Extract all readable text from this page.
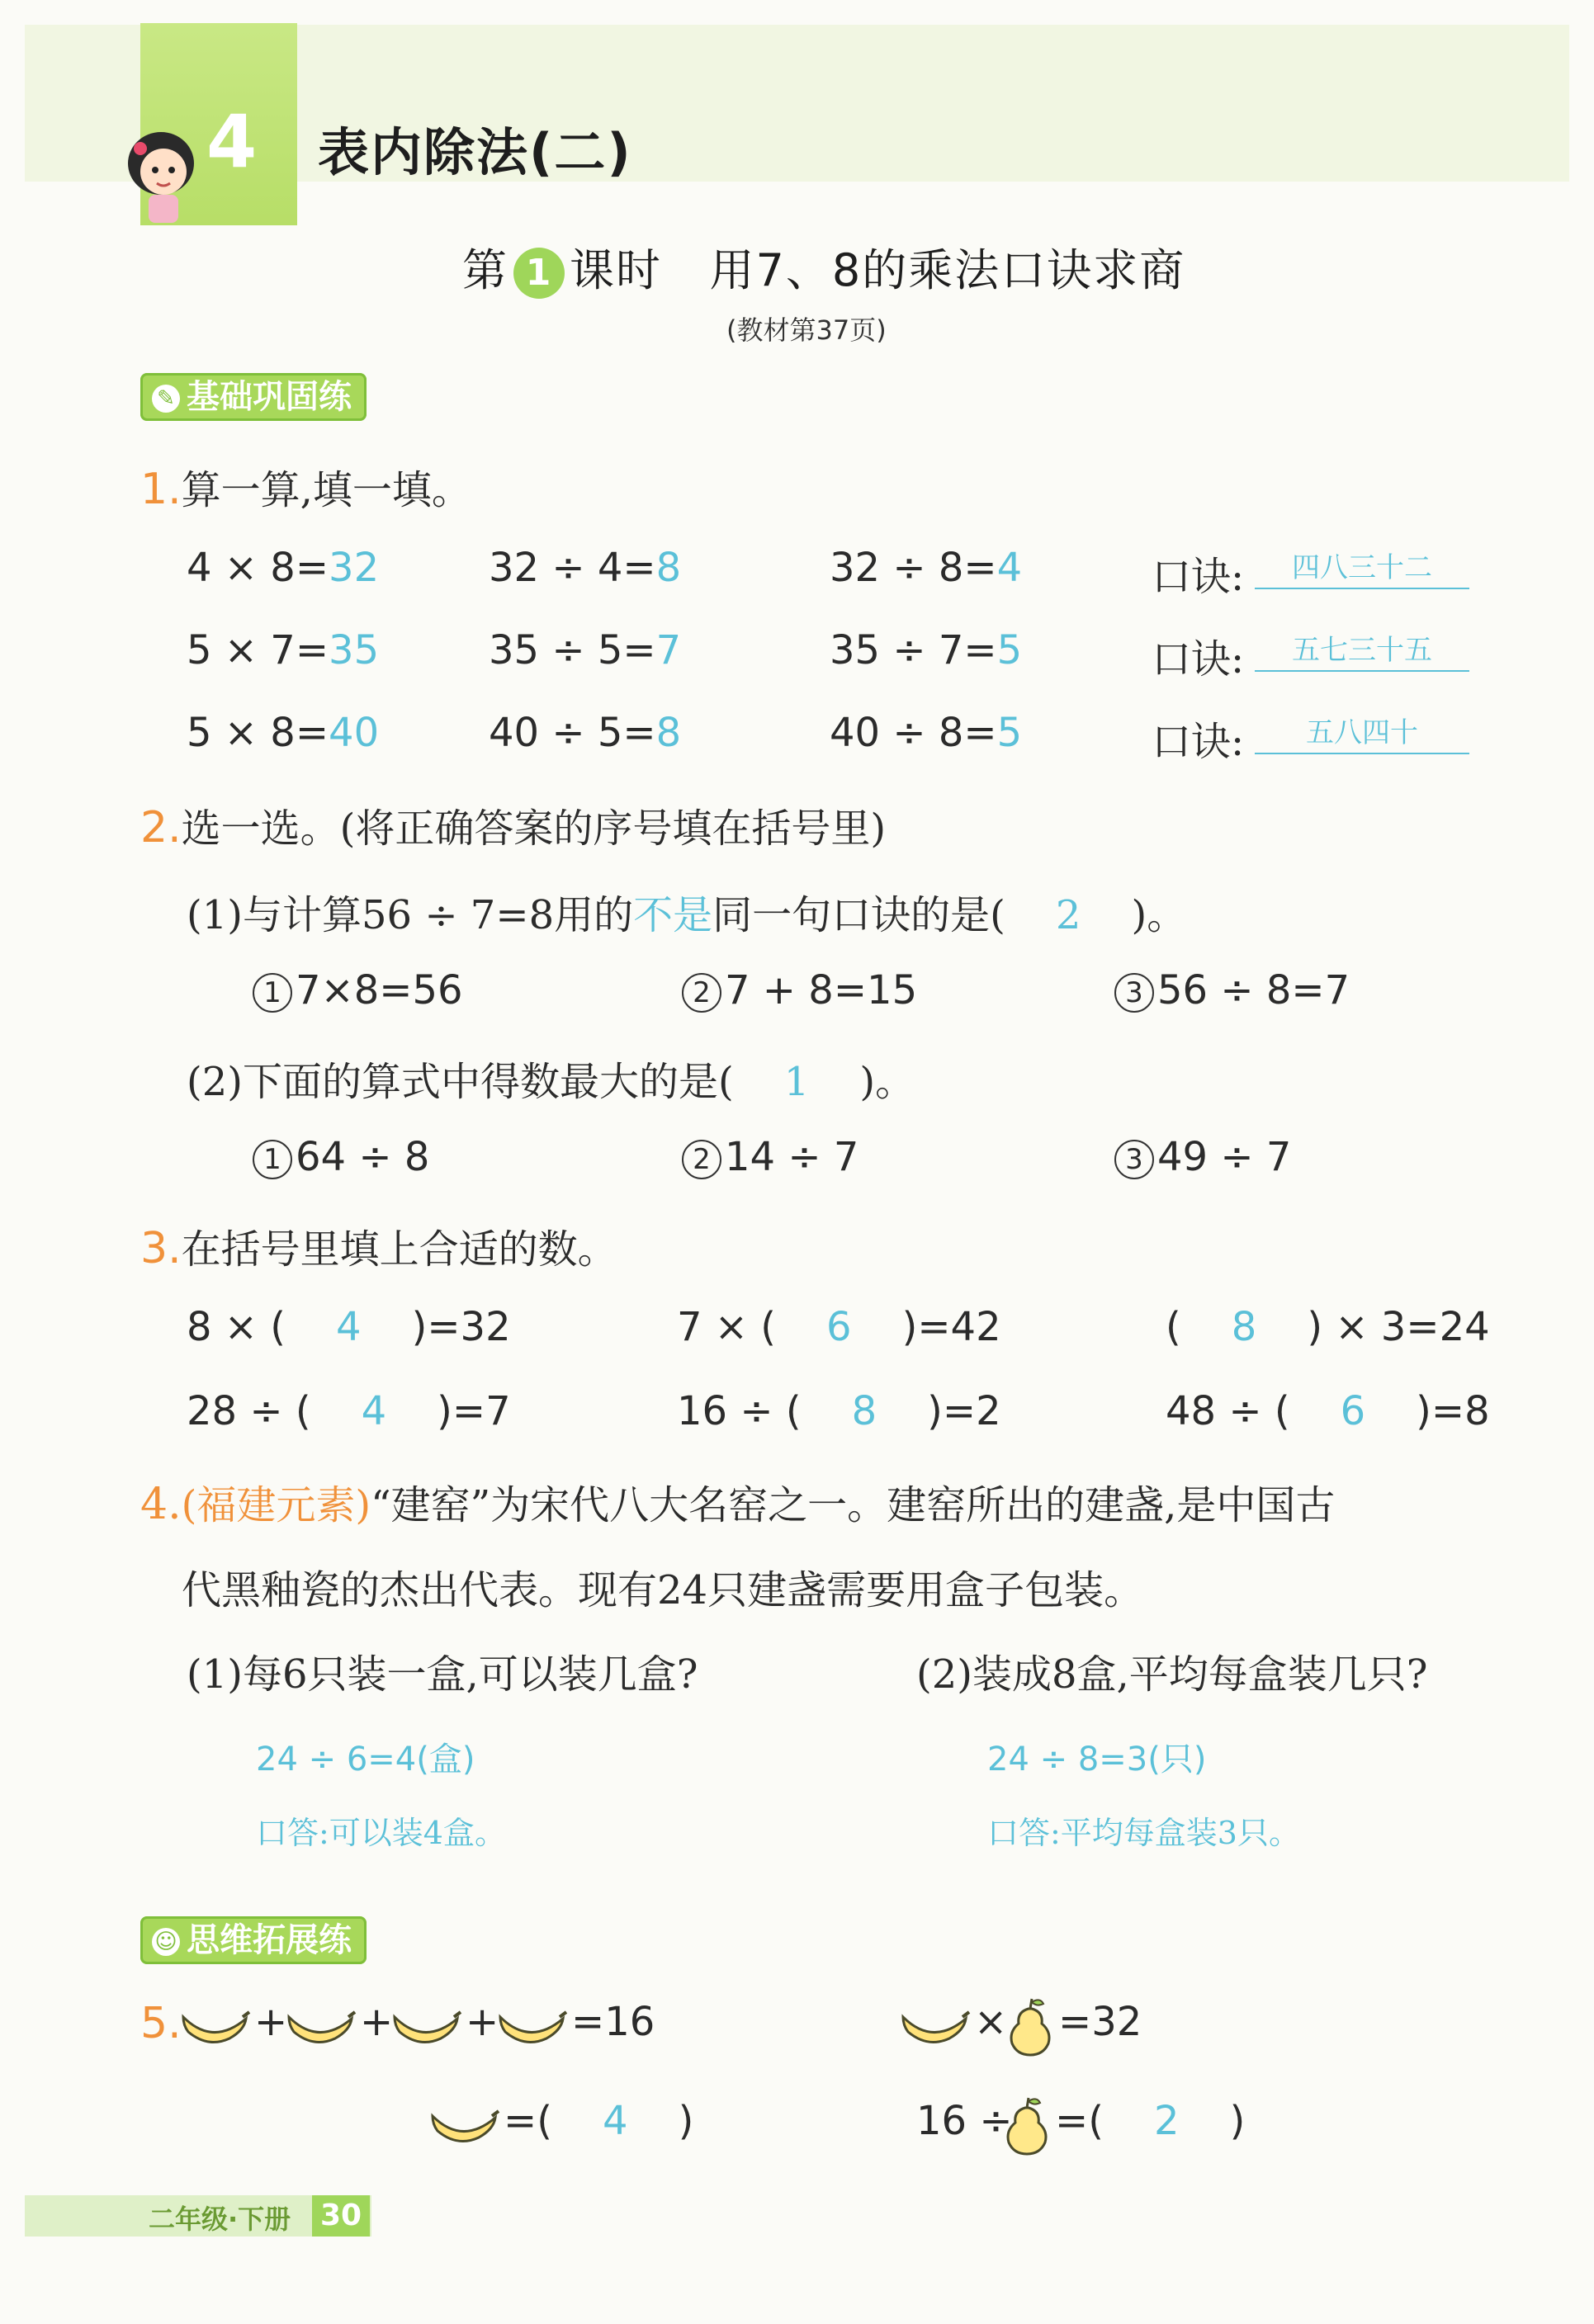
4 表内除法(二)
第 1 课时 用7、8的乘法口诀求商
(教材第37页)
✎ 基础巩固练
1.算一算,填一填。
4 × 8=32	32 ÷ 4=8	32 ÷ 8=4	口诀:	四八三十二
5 × 7=35	35 ÷ 5=7	35 ÷ 7=5	口诀:	五七三十五
5 × 8=40	40 ÷ 5=8	40 ÷ 8=5	口诀:	五八四十
2.选一选。(将正确答案的序号填在括号里)
(1)与计算56 ÷ 7=8用的不是同一句口诀的是( 2 )。
1 7×8=56	2 7 + 8=15	3 56 ÷ 8=7
(2)下面的算式中得数最大的是( 1 )。
1 64 ÷ 8	2 14 ÷ 7	3 49 ÷ 7
3.在括号里填上合适的数。
8 × ( 4 )=32	7 × ( 6 )=42	( 8 ) × 3=24
28 ÷ ( 4 )=7	16 ÷ ( 8 )=2	48 ÷ ( 6 )=8
4.(福建元素)“建窑”为宋代八大名窑之一。建窑所出的建盏,是中国古
代黑釉瓷的杰出代表。现有24只建盏需要用盒子包装。
(1)每6只装一盒,可以装几盒?	(2)装成8盒,平均每盒装几只?
24 ÷ 6=4(盒)
口答:可以装4盒。
24 ÷ 8=3(只)
口答:平均每盒装3只。
☺ 思维拓展练
5. + + + =16	× =32
=( 4 )	16 ÷ =( 2 )
二年级·下册 30
